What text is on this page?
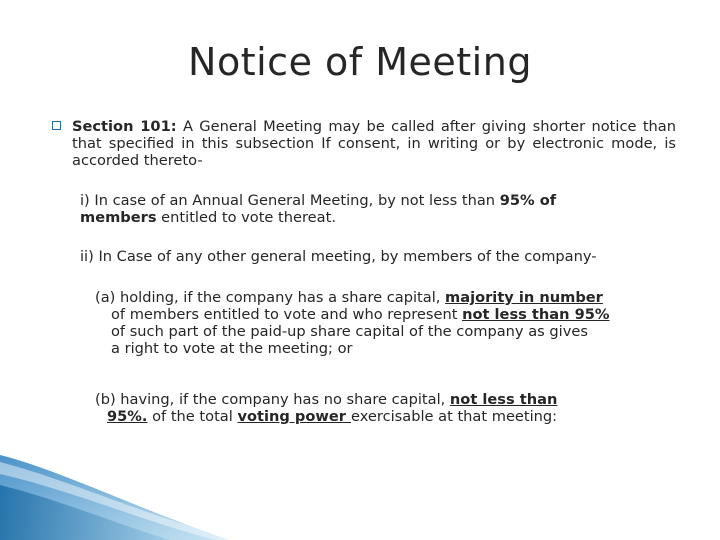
Notice of Meeting
Section 101: A General Meeting may be called after giving shorter notice than that specified in this subsection If consent, in writing or by electronic mode, is accorded thereto-
i) In case of an Annual General Meeting, by not less than 95% of
members entitled to vote thereat.
ii) In Case of any other general meeting, by members of the company-
(a) holding, if the company has a share capital, majority in number
of members entitled to vote and who represent not less than 95%
of such part of the paid-up share capital of the company as gives
a right to vote at the meeting; or
(b) having, if the company has no share capital, not less than
95%. of the total voting power exercisable at that meeting:
